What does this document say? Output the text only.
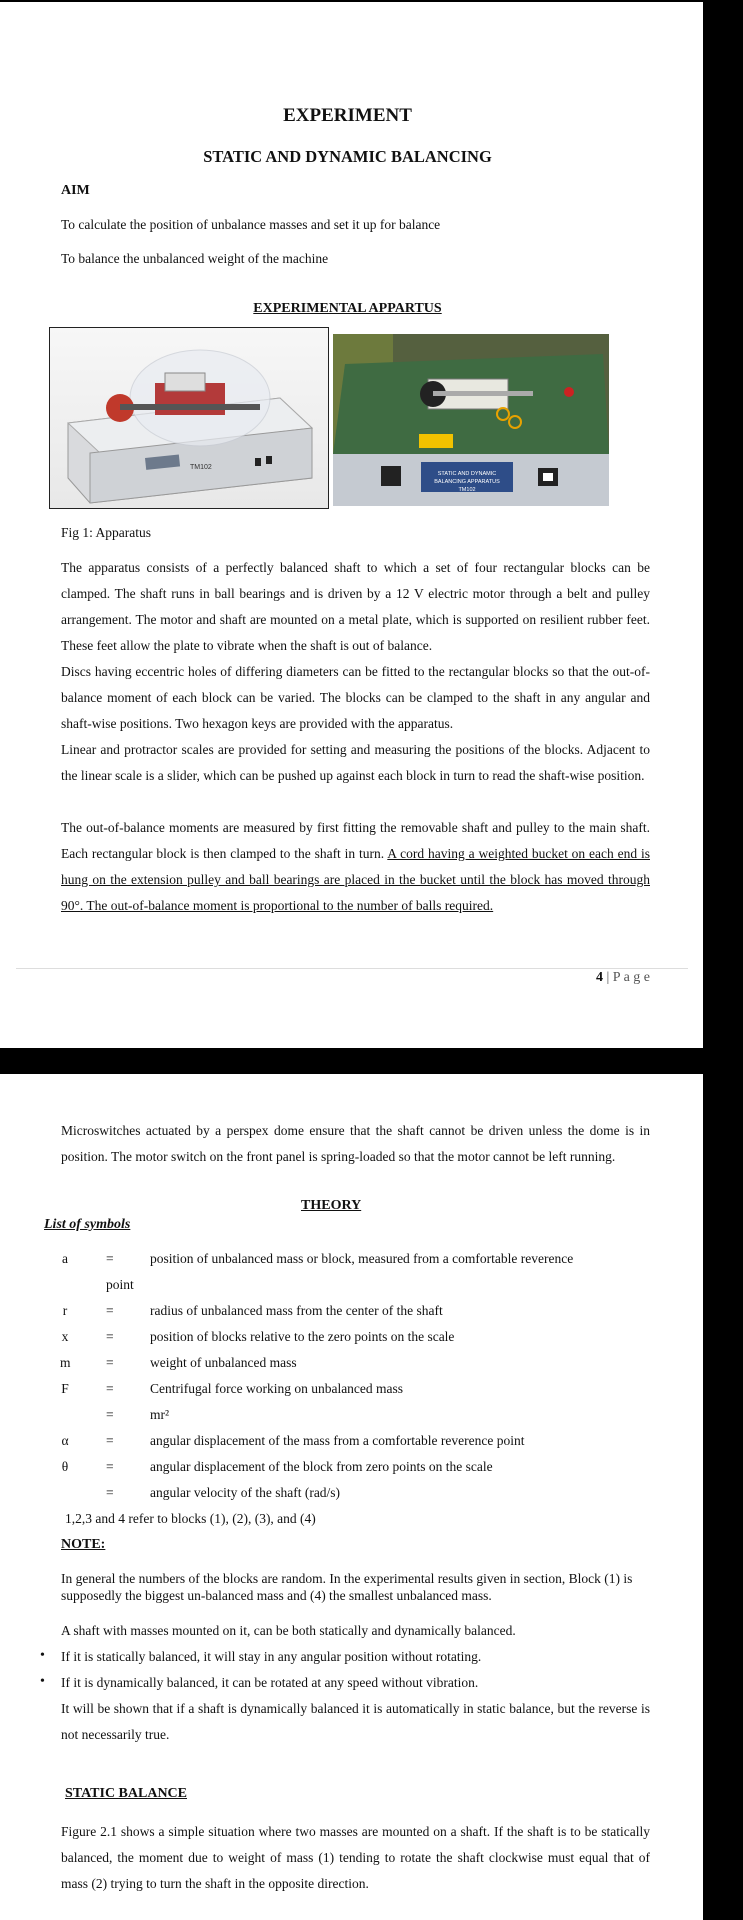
EXPERIMENT
STATIC AND DYNAMIC BALANCING
AIM
To calculate the position of unbalance masses and set it up for balance
To balance the unbalanced weight of the machine
EXPERIMENTAL APPARTUS
TM102
STATIC AND DYNAMIC
BALANCING APPARATUS TM102
Fig 1: Apparatus
The apparatus consists of a perfectly balanced shaft to which a set of four rectangular blocks can be clamped. The shaft runs in ball bearings and is driven by a 12 V electric motor through a belt and pulley arrangement. The motor and shaft are mounted on a metal plate, which is supported on resilient rubber feet. These feet allow the plate to vibrate when the shaft is out of balance.
Discs having eccentric holes of differing diameters can be fitted to the rectangular blocks so that the out-of-balance moment of each block can be varied. The blocks can be clamped to the shaft in any angular and shaft-wise positions. Two hexagon keys are provided with the apparatus.
Linear and protractor scales are provided for setting and measuring the positions of the blocks. Adjacent to the linear scale is a slider, which can be pushed up against each block in turn to read the shaft-wise position.
The out-of-balance moments are measured by first fitting the removable shaft and pulley to the main shaft. Each rectangular block is then clamped to the shaft in turn. A cord having a weighted bucket on each end is hung on the extension pulley and ball bearings are placed in the bucket until the block has moved through 90°. The out-of-balance moment is proportional to the number of balls required.
4 | P a g e
Microswitches actuated by a perspex dome ensure that the shaft cannot be driven unless the dome is in position. The motor switch on the front panel is spring-loaded so that the motor cannot be left running.
THEORY
List of symbols
a	=	position of unbalanced mass or block, measured from a comfortable reverence
point
r	=	radius of unbalanced mass from the center of the shaft
x	=	position of blocks relative to the zero points on the scale
m	=	weight of unbalanced mass
F	=	Centrifugal force working on unbalanced mass
=	mr²
α	=	angular displacement of the mass from a comfortable reverence point
θ	=	angular displacement of the block from zero points on the scale
=	angular velocity of the shaft (rad/s)
1,2,3 and 4 refer to blocks (1), (2), (3), and (4)
NOTE:
In general the numbers of the blocks are random. In the experimental results given in section, Block (1) is supposedly the biggest un-balanced mass and (4) the smallest unbalanced mass.
A shaft with masses mounted on it, can be both statically and dynamically balanced.
• If it is statically balanced, it will stay in any angular position without rotating.
• If it is dynamically balanced, it can be rotated at any speed without vibration.
It will be shown that if a shaft is dynamically balanced it is automatically in static balance, but the reverse is not necessarily true.
STATIC BALANCE
Figure 2.1 shows a simple situation where two masses are mounted on a shaft. If the shaft is to be statically balanced, the moment due to weight of mass (1) tending to rotate the shaft clockwise must equal that of mass (2) trying to turn the shaft in the opposite direction.
